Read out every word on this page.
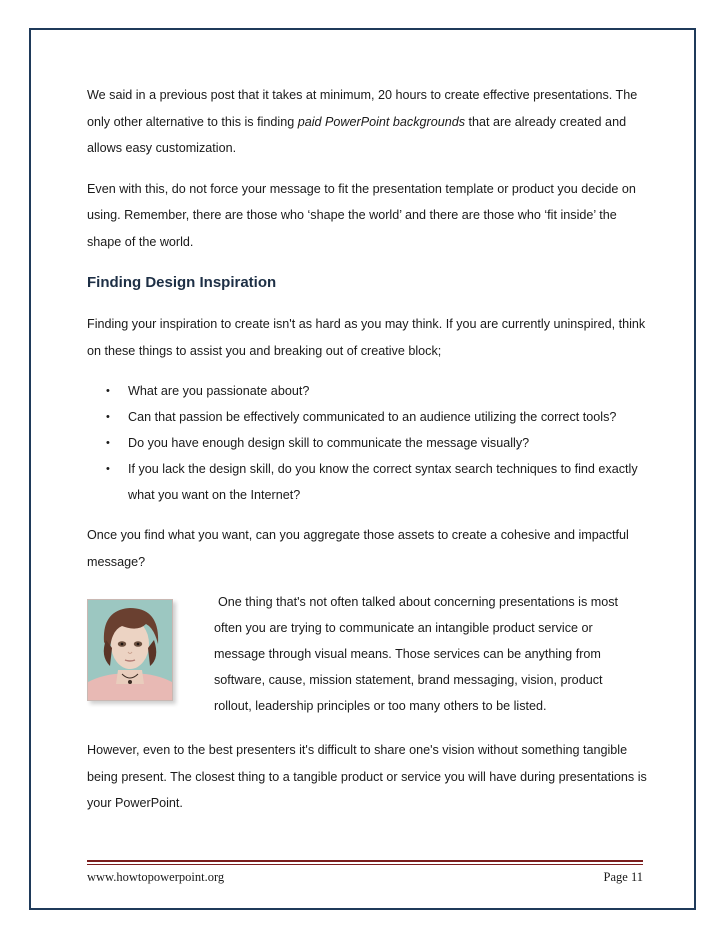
We said in a previous post that it takes at minimum, 20 hours to create effective presentations. The only other alternative to this is finding paid PowerPoint backgrounds that are already created and allows easy customization.

Even with this, do not force your message to fit the presentation template or product you decide on using. Remember, there are those who ‘shape the world’ and there are those who ‘fit inside’ the shape of the world.

Finding Design Inspiration

Finding your inspiration to create isn't as hard as you may think. If you are currently uninspired, think on these things to assist you and breaking out of creative block;

• What are you passionate about?
• Can that passion be effectively communicated to an audience utilizing the correct tools?
• Do you have enough design skill to communicate the message visually?
• If you lack the design skill, do you know the correct syntax search techniques to find exactly what you want on the Internet?

Once you find what you want, can you aggregate those assets to create a cohesive and impactful message?

One thing that's not often talked about concerning presentations is most
often you are trying to communicate an intangible product service or
message through visual means. Those services can be anything from
software, cause, mission statement, brand messaging, vision, product
rollout, leadership principles or too many others to be listed.

However, even to the best presenters it's difficult to share one's vision without something tangible being present. The closest thing to a tangible product or service you will have during presentations is your PowerPoint.

www.howtopowerpoint.org	Page 11
